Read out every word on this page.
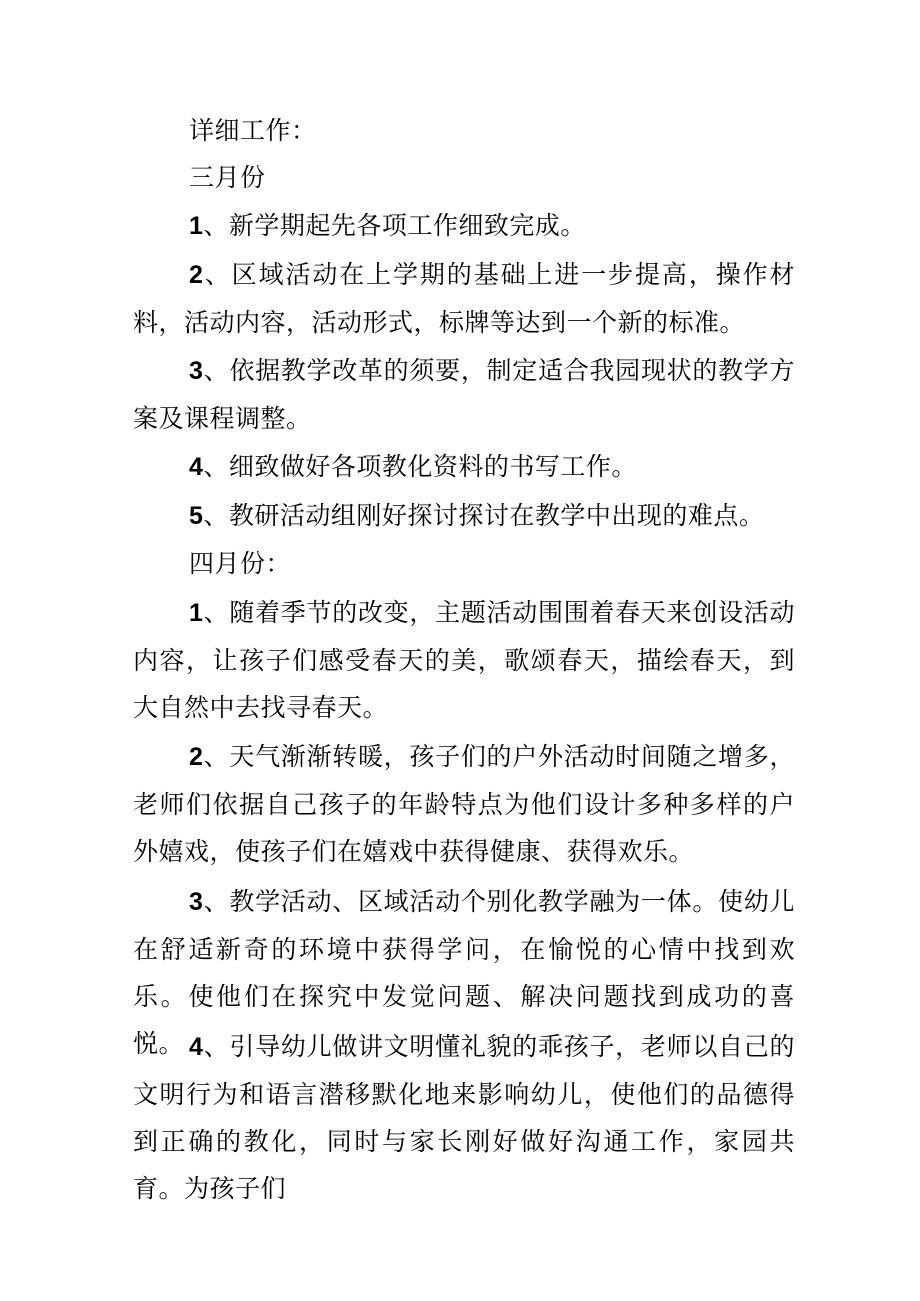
详细工作：

三月份

1、新学期起先各项工作细致完成。

2、区域活动在上学期的基础上进一步提高，操作材料，活动内容，活动形式，标牌等达到一个新的标准。

3、依据教学改革的须要，制定适合我园现状的教学方案及课程调整。

4、细致做好各项教化资料的书写工作。

5、教研活动组刚好探讨探讨在教学中出现的难点。

四月份：

1、随着季节的改变，主题活动围围着春天来创设活动内容，让孩子们感受春天的美，歌颂春天，描绘春天，到大自然中去找寻春天。

2、天气渐渐转暖，孩子们的户外活动时间随之增多，老师们依据自己孩子的年龄特点为他们设计多种多样的户外嬉戏，使孩子们在嬉戏中获得健康、获得欢乐。

3、教学活动、区域活动个别化教学融为一体。使幼儿在舒适新奇的环境中获得学问，在愉悦的心情中找到欢乐。使他们在探究中发觉问题、解决问题找到成功的喜悦。 4、引导幼儿做讲文明懂礼貌的乖孩子，老师以自己的文明行为和语言潜移默化地来影响幼儿，使他们的品德得到正确的教化，同时与家长刚好做好沟通工作，家园共育。为孩子们
